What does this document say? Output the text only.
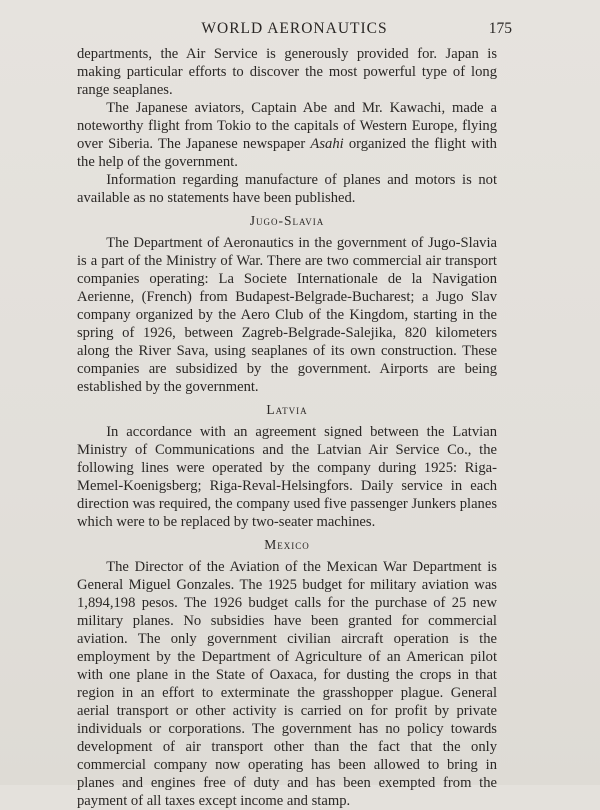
WORLD AERONAUTICS	175

departments, the Air Service is generously provided for. Japan is making particular efforts to discover the most powerful type of long range seaplanes.

The Japanese aviators, Captain Abe and Mr. Kawachi, made a noteworthy flight from Tokio to the capitals of Western Europe, flying over Siberia. The Japanese newspaper Asahi organized the flight with the help of the government.

Information regarding manufacture of planes and motors is not available as no statements have been published.

Jugo-Slavia

The Department of Aeronautics in the government of Jugo-Slavia is a part of the Ministry of War. There are two commercial air transport companies operating: La Societe Internationale de la Navigation Aerienne, (French) from Budapest-Belgrade-Bucharest; a Jugo Slav company organized by the Aero Club of the Kingdom, starting in the spring of 1926, between Zagreb-Belgrade-Salejika, 820 kilometers along the River Sava, using seaplanes of its own construction. These companies are subsidized by the government. Airports are being established by the government.

Latvia

In accordance with an agreement signed between the Latvian Ministry of Communications and the Latvian Air Service Co., the following lines were operated by the company during 1925: Riga-Memel-Koenigsberg; Riga-Reval-Helsingfors. Daily service in each direction was required, the company used five passenger Junkers planes which were to be replaced by two-seater machines.

Mexico

The Director of the Aviation of the Mexican War Department is General Miguel Gonzales. The 1925 budget for military aviation was 1,894,198 pesos. The 1926 budget calls for the purchase of 25 new military planes. No subsidies have been granted for commercial aviation. The only government civilian aircraft operation is the employment by the Department of Agriculture of an American pilot with one plane in the State of Oaxaca, for dusting the crops in that region in an effort to exterminate the grasshopper plague. General aerial transport or other activity is carried on for profit by private individuals or corporations. The government has no policy towards development of air transport other than the fact that the only commercial company now operating has been allowed to bring in planes and engines free of duty and has been exempted from the payment of all taxes except income and stamp.
